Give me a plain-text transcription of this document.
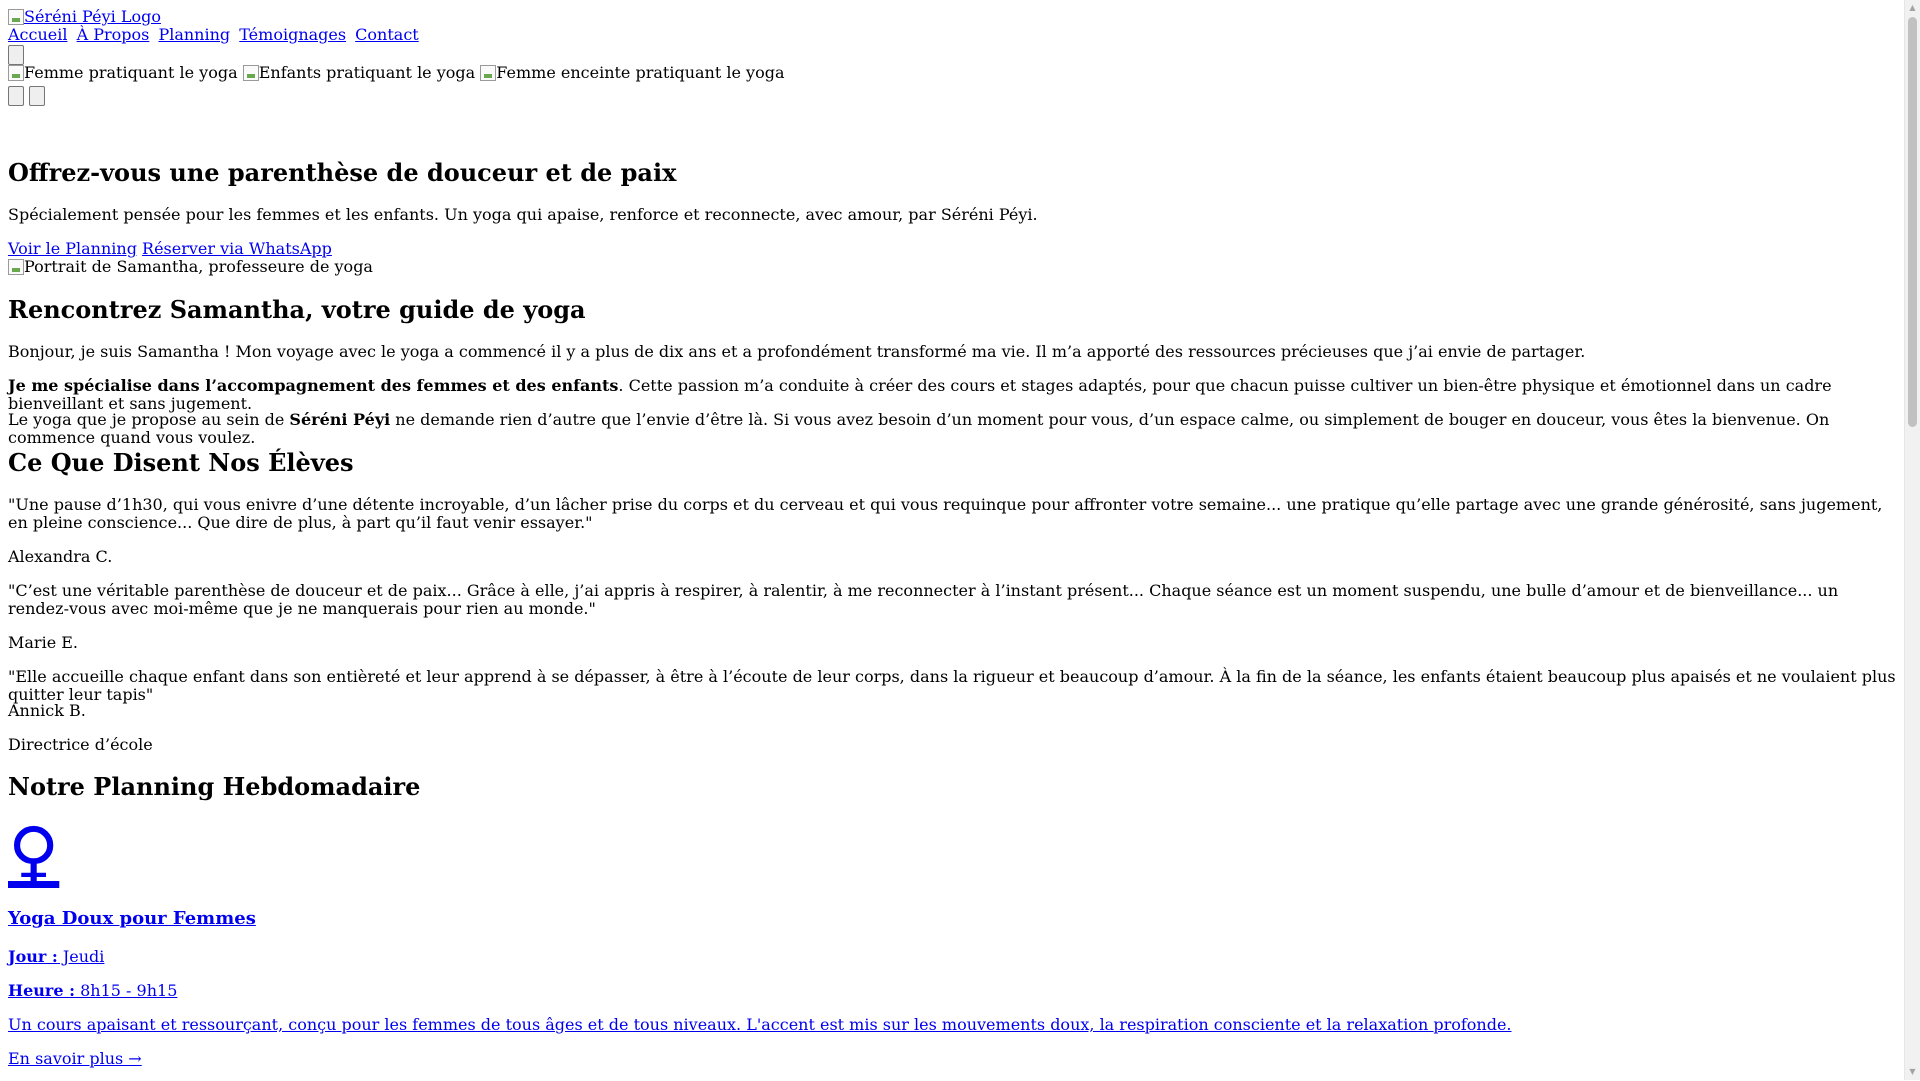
Séréni Péyi Logo
Accueil À Propos Planning Témoignages Contact
Femme pratiquant le yoga
Enfants pratiquant le yoga
Femme enceinte pratiquant le yoga

Offrez-vous une parenthèse de douceur et de paix

Spécialement pensée pour les femmes et les enfants. Un yoga qui apaise, renforce et reconnecte, avec amour, par Séréni Péyi.

Voir le Planning Réserver via WhatsApp
Portrait de Samantha, professeure de yoga
Rencontrez Samantha, votre guide de yoga

Bonjour, je suis Samantha ! Mon voyage avec le yoga a commencé il y a plus de dix ans et a profondément transformé ma vie. Il m’a apporté des ressources précieuses que j’ai envie de partager.

Je me spécialise dans l’accompagnement des femmes et des enfants. Cette passion m’a conduite à créer des cours et stages adaptés, pour que chacun puisse cultiver un bien-être physique et émotionnel dans un cadre bienveillant et sans jugement.

Le yoga que je propose au sein de Séréni Péyi ne demande rien d’autre que l’envie d’être là. Si vous avez besoin d’un moment pour vous, d’un espace calme, ou simplement de bouger en douceur, vous êtes la bienvenue. On commence quand vous voulez.

Ce Que Disent Nos Élèves

"Une pause d’1h30, qui vous enivre d’une détente incroyable, d’un lâcher prise du corps et du cerveau et qui vous requinque pour affronter votre semaine... une pratique qu’elle partage avec une grande générosité, sans jugement, en pleine conscience... Que dire de plus, à part qu’il faut venir essayer."

Alexandra C.

"C’est une véritable parenthèse de douceur et de paix... Grâce à elle, j’ai appris à respirer, à ralentir, à me reconnecter à l’instant présent... Chaque séance est un moment suspendu, une bulle d’amour et de bienveillance... un rendez-vous avec moi-même que je ne manquerais pour rien au monde."

Marie E.

"Elle accueille chaque enfant dans son entièreté et leur apprend à se dépasser, à être à l’écoute de leur corps, dans la rigueur et beaucoup d’amour. À la fin de la séance, les enfants étaient beaucoup plus apaisés et ne voulaient plus quitter leur tapis"

Annick B.

Directrice d’école

Notre Planning Hebdomadaire
♀
Yoga Doux pour Femmes

Jour : Jeudi

Heure : 8h15 - 9h15

Un cours apaisant et ressourçant, conçu pour les femmes de tous âges et de tous niveaux. L'accent est mis sur les mouvements doux, la respiration consciente et la relaxation profonde.

En savoir plus →

▲
▼
